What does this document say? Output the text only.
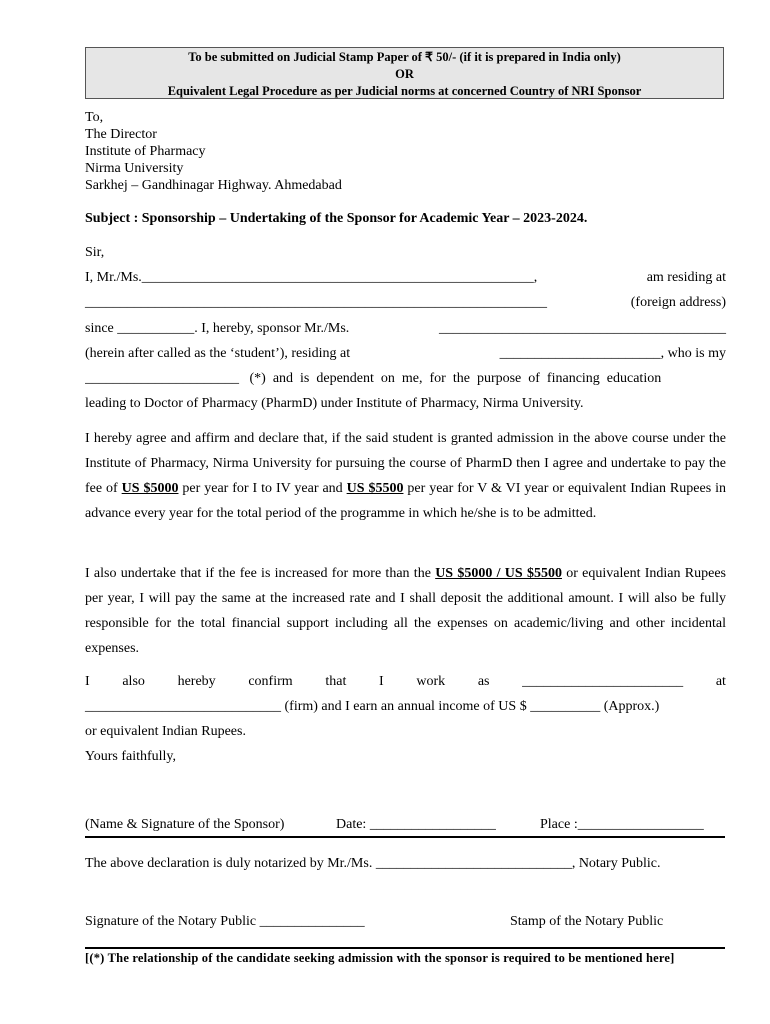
To be submitted on Judicial Stamp Paper of ₹ 50/- (if it is prepared in India only)
OR
Equivalent Legal Procedure as per Judicial norms at concerned Country of NRI Sponsor
To,
The Director
Institute of Pharmacy
Nirma University
Sarkhej – Gandhinagar Highway. Ahmedabad
Subject : Sponsorship – Undertaking of the Sponsor for Academic Year – 2023-2024.
Sir,
I, Mr./Ms.________________________________________________________,	am residing at
__________________________________________________________________	(foreign address)
since ___________. I, hereby, sponsor Mr./Ms.	_________________________________________
(herein after called as the ‘student’), residing at	_______________________, who is my
______________________   (*)  and  is  dependent  on  me,  for  the  purpose  of  financing  education
leading to Doctor of Pharmacy (PharmD) under Institute of Pharmacy, Nirma University.
I hereby agree and affirm and declare that, if the said student is granted admission in the above course under the Institute of Pharmacy, Nirma University for pursuing the course of PharmD then I agree and undertake to pay the fee of US $5000 per year for I to IV year and US $5500 per year for V & VI year or equivalent Indian Rupees in advance every year for the total period of the programme in which he/she is to be admitted.
I also undertake that if the fee is increased for more than the US $5000 / US $5500 or equivalent Indian Rupees per year, I will pay the same at the increased rate and I shall deposit the additional amount. I will also be fully responsible for the total financial support including all the expenses on academic/living and other incidental expenses.
I also hereby confirm that I work as _______________________ at
____________________________ (firm) and I earn an annual income of US $ __________ (Approx.)
or equivalent Indian Rupees.
Yours faithfully,
(Name & Signature of the Sponsor)	Date: __________________	Place :__________________
The above declaration is duly notarized by Mr./Ms. ____________________________, Notary Public.
Signature of the Notary Public _______________	Stamp of the Notary Public
[(*) The relationship of the candidate seeking admission with the sponsor is required to be mentioned here]
